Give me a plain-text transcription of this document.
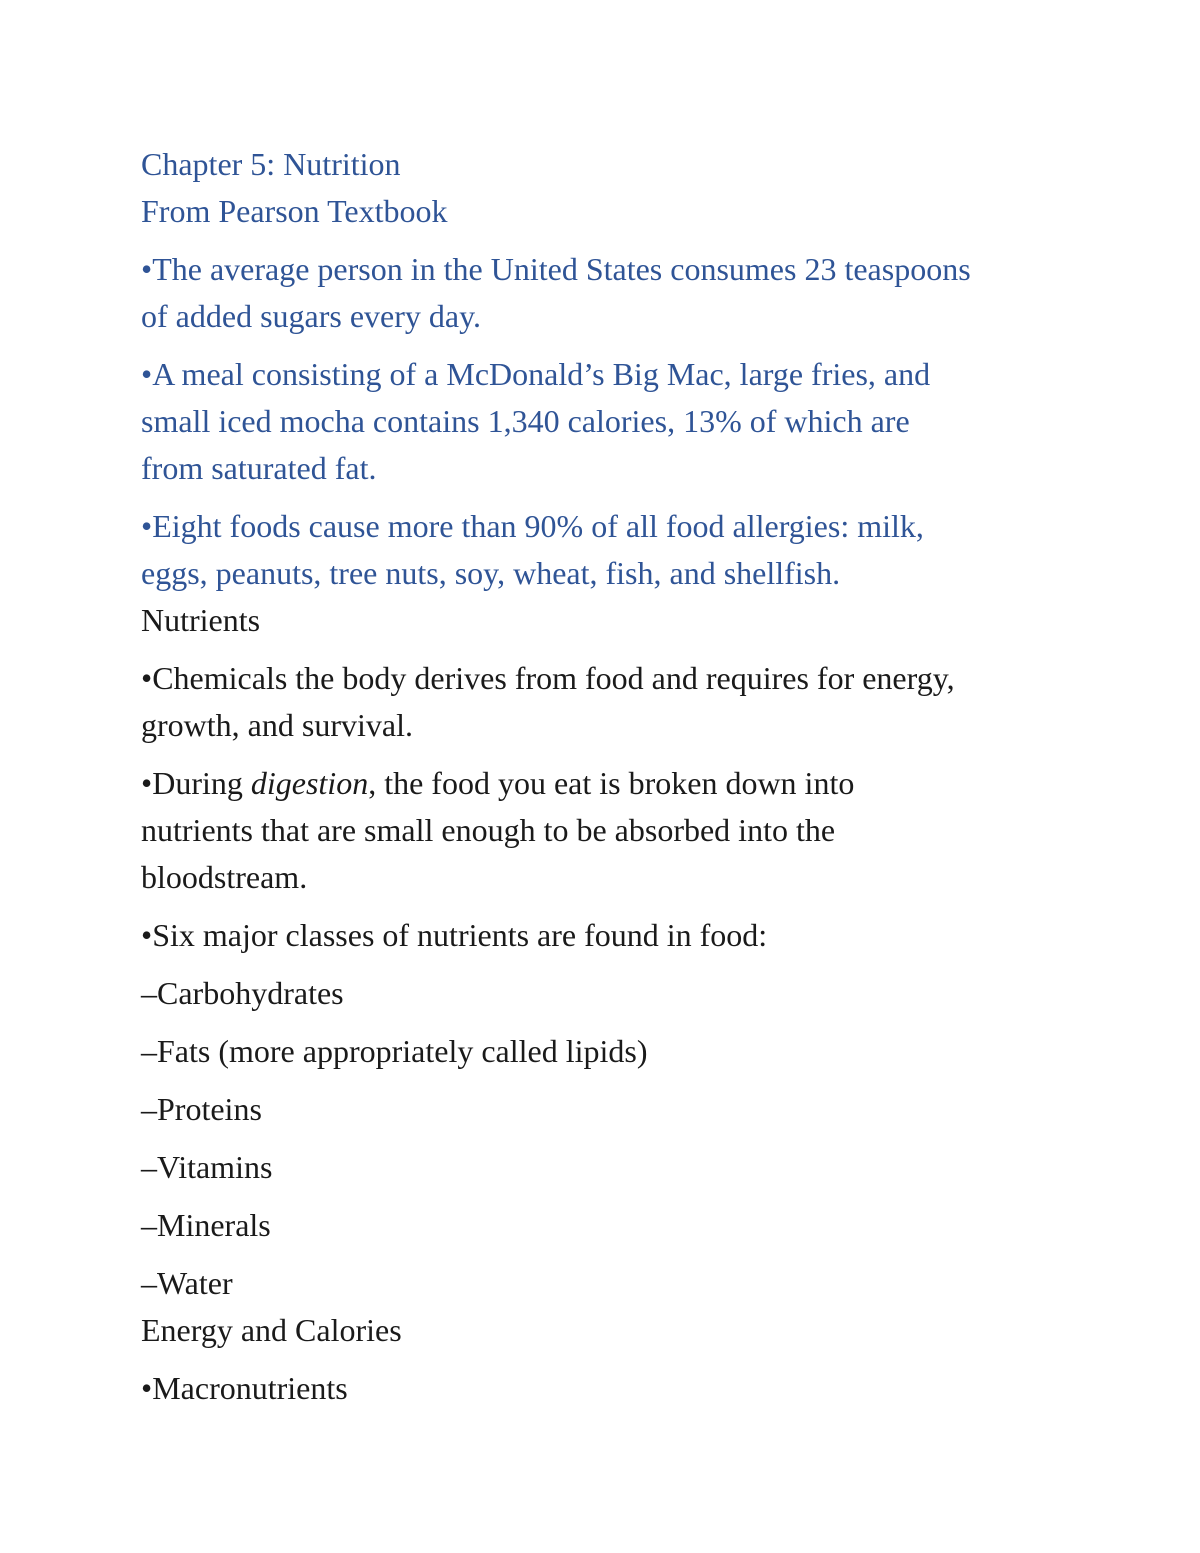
Chapter 5: Nutrition
From Pearson Textbook
•The average person in the United States consumes 23 teaspoons
of added sugars every day.
•A meal consisting of a McDonald’s Big Mac, large fries, and
small iced mocha contains 1,340 calories, 13% of which are
from saturated fat.
•Eight foods cause more than 90% of all food allergies: milk,
eggs, peanuts, tree nuts, soy, wheat, fish, and shellfish.
Nutrients
•Chemicals the body derives from food and requires for energy,
growth, and survival.
•During digestion, the food you eat is broken down into
nutrients that are small enough to be absorbed into the
bloodstream.
•Six major classes of nutrients are found in food:
–Carbohydrates
–Fats (more appropriately called lipids)
–Proteins
–Vitamins
–Minerals
–Water
Energy and Calories
•Macronutrients
